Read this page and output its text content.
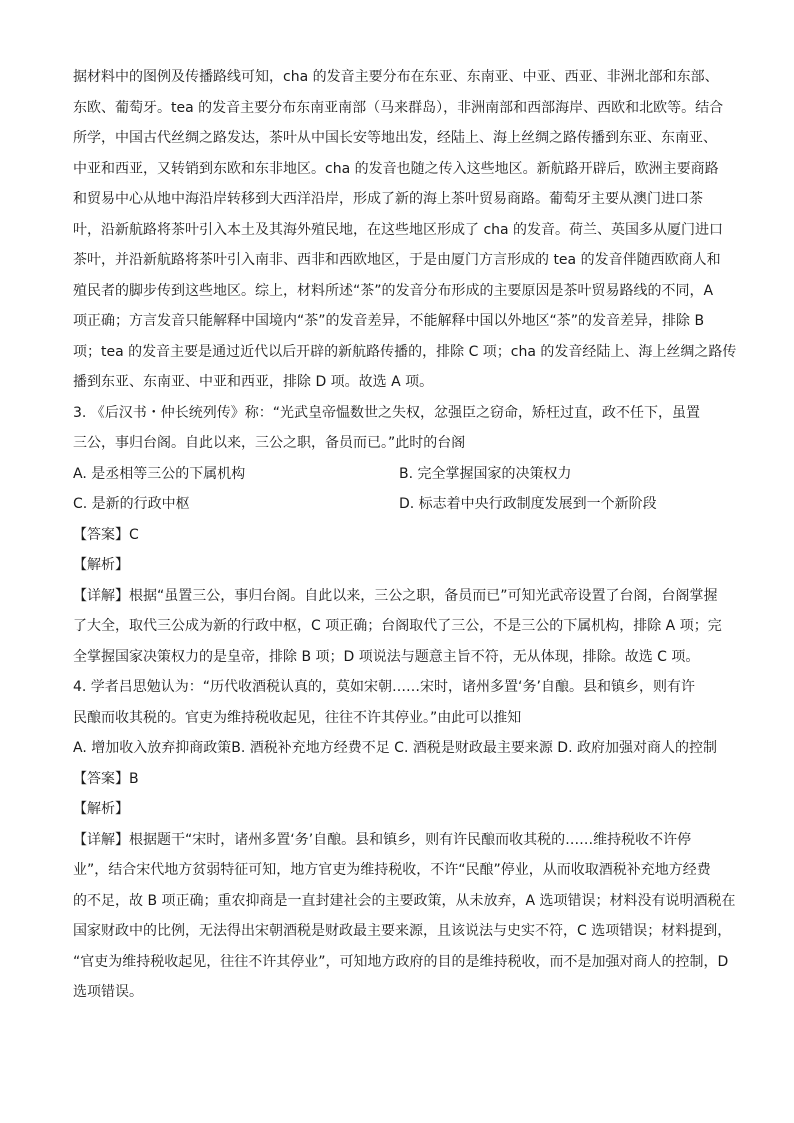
据材料中的图例及传播路线可知，cha 的发音主要分布在东亚、东南亚、中亚、西亚、非洲北部和东部、
东欧、葡萄牙。tea 的发音主要分布东南亚南部（马来群岛），非洲南部和西部海岸、西欧和北欧等。结合
所学，中国古代丝绸之路发达，茶叶从中国长安等地出发，经陆上、海上丝绸之路传播到东亚、东南亚、
中亚和西亚，又转销到东欧和东非地区。cha 的发音也随之传入这些地区。新航路开辟后，欧洲主要商路
和贸易中心从地中海沿岸转移到大西洋沿岸，形成了新的海上茶叶贸易商路。葡萄牙主要从澳门进口茶
叶，沿新航路将茶叶引入本土及其海外殖民地，在这些地区形成了 cha 的发音。荷兰、英国多从厦门进口
茶叶，并沿新航路将茶叶引入南非、西非和西欧地区，于是由厦门方言形成的 tea 的发音伴随西欧商人和
殖民者的脚步传到这些地区。综上，材料所述“茶”的发音分布形成的主要原因是茶叶贸易路线的不同，A
项正确；方言发音只能解释中国境内“茶”的发音差异，不能解释中国以外地区“茶”的发音差异，排除 B
项；tea 的发音主要是通过近代以后开辟的新航路传播的，排除 C 项；cha 的发音经陆上、海上丝绸之路传
播到东亚、东南亚、中亚和西亚，排除 D 项。故选 A 项。
3. 《后汉书・仲长统列传》称：“光武皇帝愠数世之失权，忿强臣之窃命，矫枉过直，政不任下，虽置
三公，事归台阁。自此以来，三公之职，备员而已。”此时的台阁
A. 是丞相等三公的下属机构	B. 完全掌握国家的决策权力
C. 是新的行政中枢	D. 标志着中央行政制度发展到一个新阶段
【答案】C
【解析】
【详解】根据“虽置三公，事归台阁。自此以来，三公之职，备员而已”可知光武帝设置了台阁，台阁掌握
了大全，取代三公成为新的行政中枢，C 项正确；台阁取代了三公，不是三公的下属机构，排除 A 项；完
全掌握国家决策权力的是皇帝，排除 B 项；D 项说法与题意主旨不符，无从体现，排除。故选 C 项。
4. 学者吕思勉认为：“历代收酒税认真的，莫如宋朝……宋时，诸州多置‘务’自酿。县和镇乡，则有许
民酿而收其税的。官吏为维持税收起见，往往不许其停业。”由此可以推知
A. 增加收入放弃抑商政策B. 酒税补充地方经费不足 C. 酒税是财政最主要来源 D. 政府加强对商人的控制
【答案】B
【解析】
【详解】根据题干“宋时，诸州多置‘务’自酿。县和镇乡，则有许民酿而收其税的……维持税收不许停
业”，结合宋代地方贫弱特征可知，地方官吏为维持税收，不许“民酿”停业，从而收取酒税补充地方经费
的不足，故 B 项正确；重农抑商是一直封建社会的主要政策，从未放弃，A 选项错误；材料没有说明酒税在
国家财政中的比例，无法得出宋朝酒税是财政最主要来源，且该说法与史实不符，C 选项错误；材料提到，
“官吏为维持税收起见，往往不许其停业”，可知地方政府的目的是维持税收，而不是加强对商人的控制，D
选项错误。
